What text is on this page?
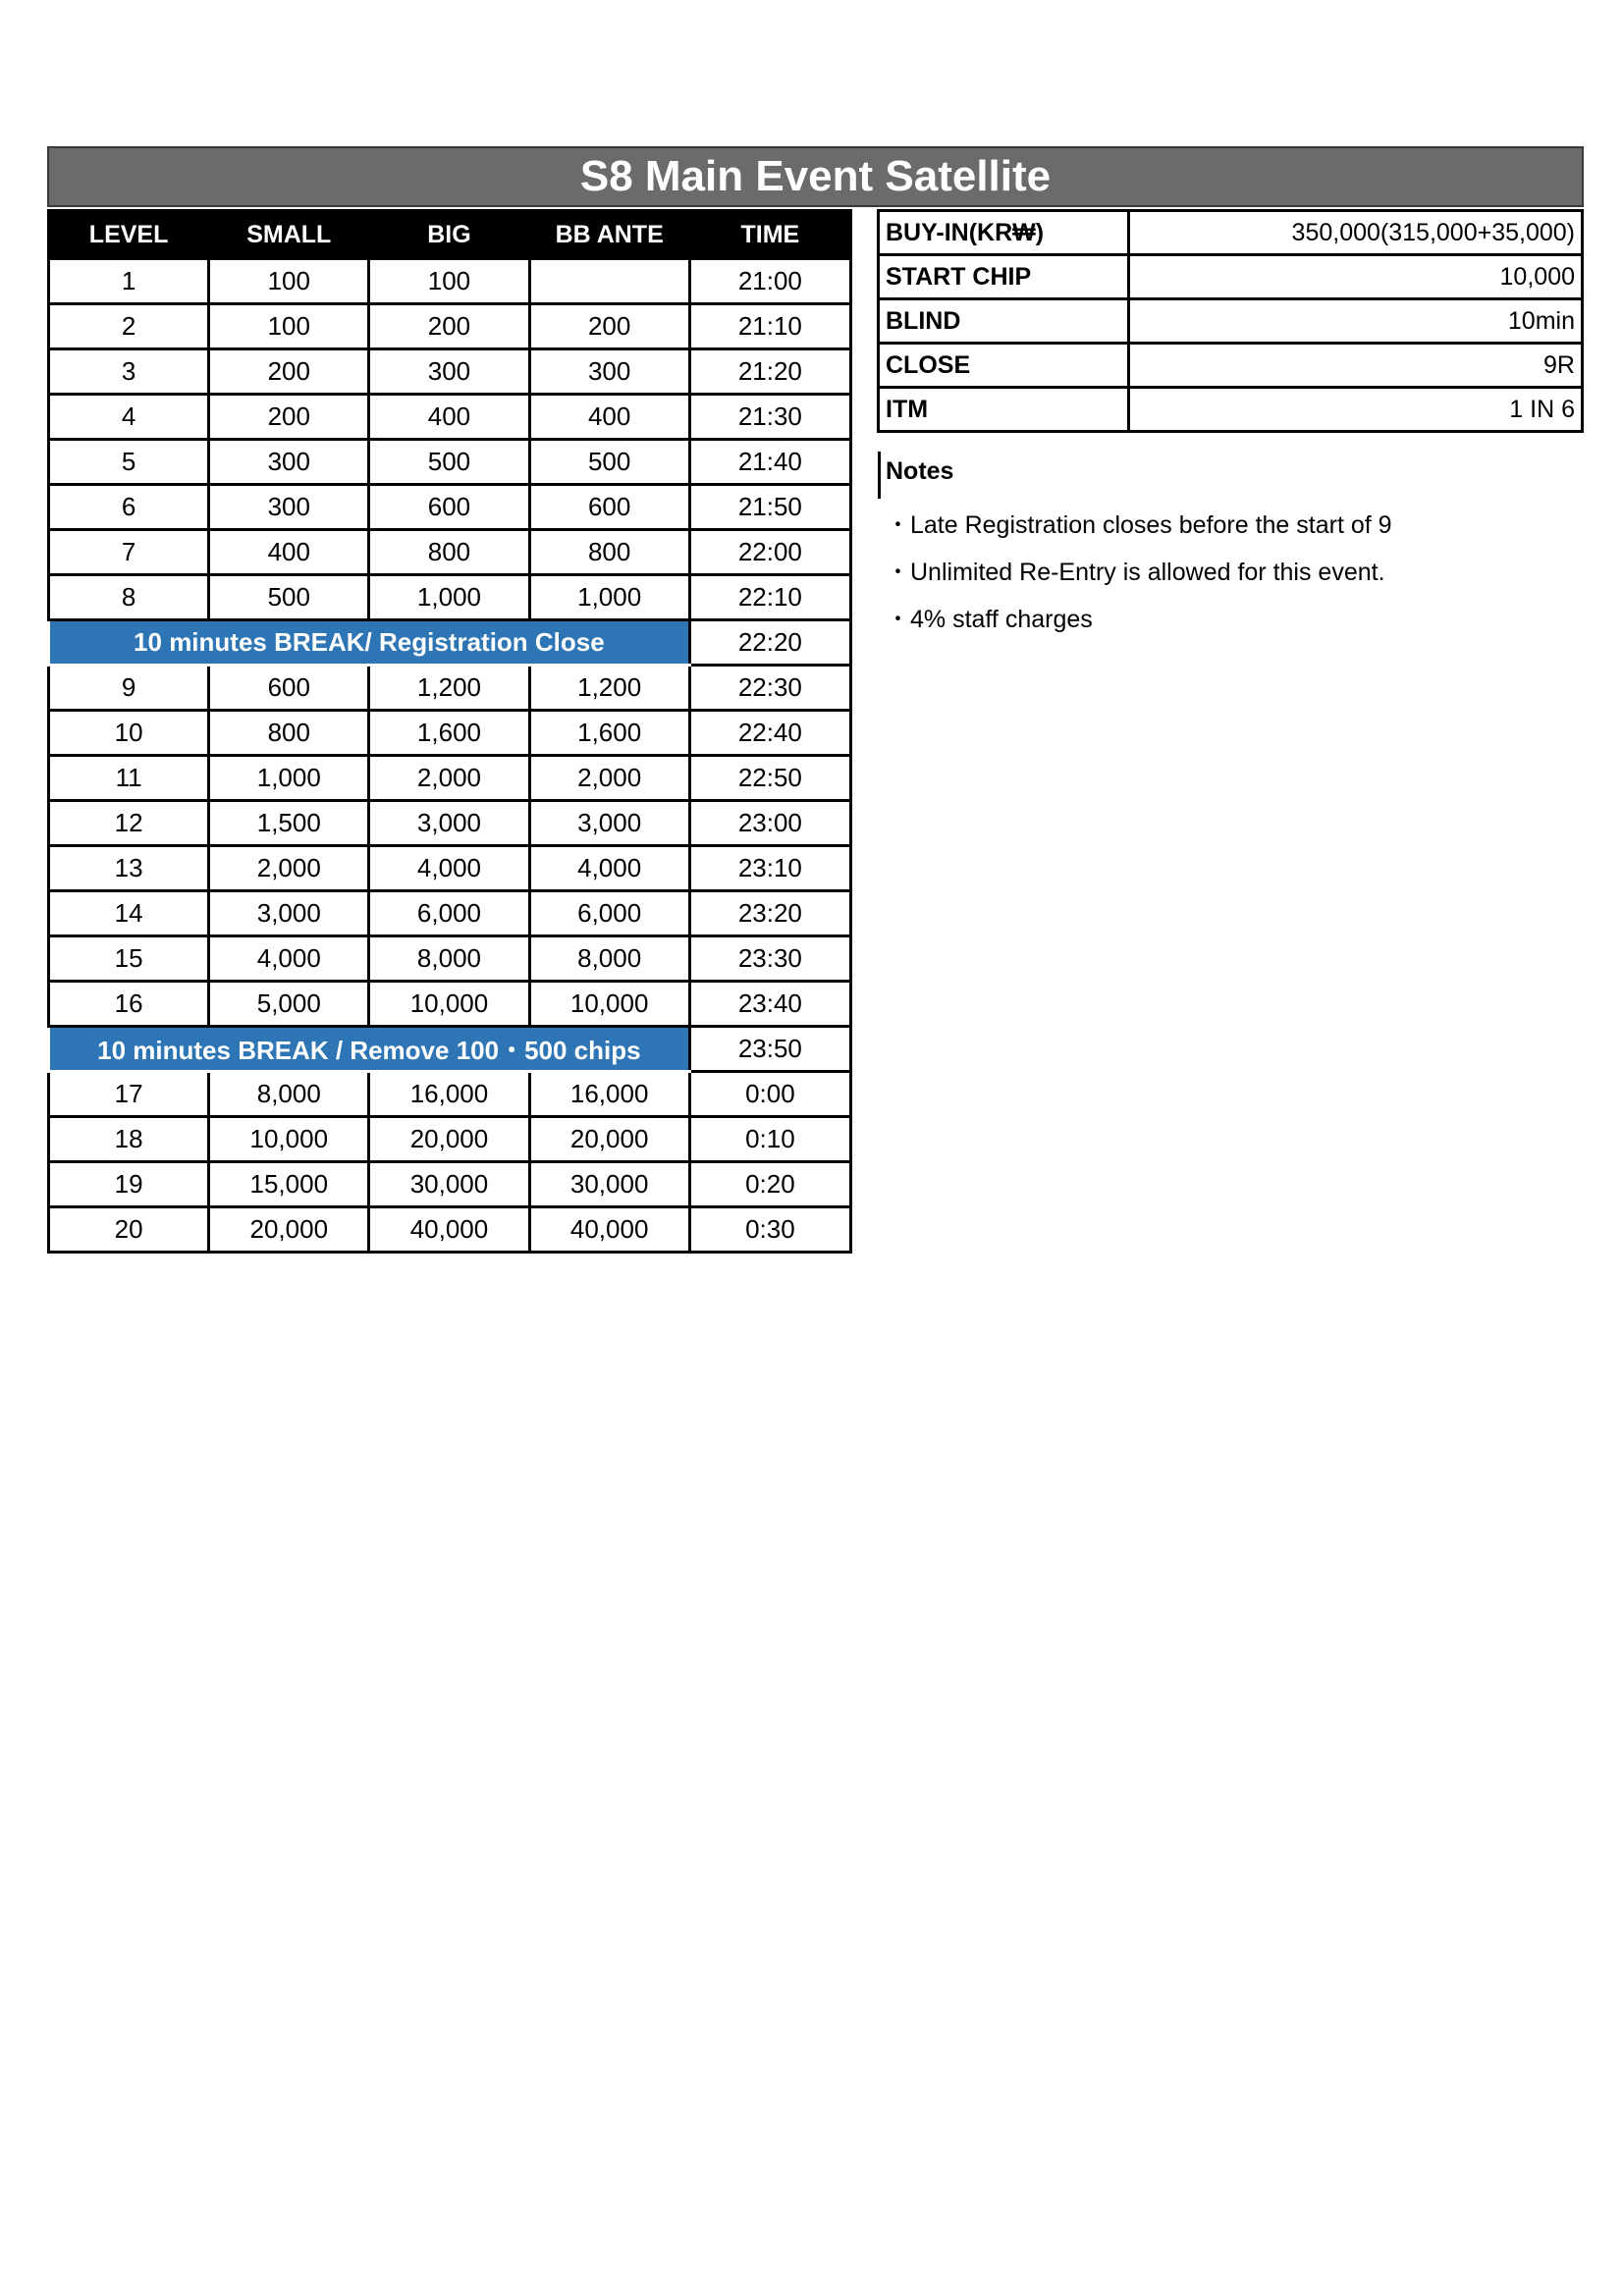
S8 Main Event Satellite
LEVEL	SMALL	BIG	BB ANTE	TIME
1	100	100		21:00
2	100	200	200	21:10
3	200	300	300	21:20
4	200	400	400	21:30
5	300	500	500	21:40
6	300	600	600	21:50
7	400	800	800	22:00
8	500	1,000	1,000	22:10
10 minutes BREAK/ Registration Close				22:20
9	600	1,200	1,200	22:30
10	800	1,600	1,600	22:40
11	1,000	2,000	2,000	22:50
12	1,500	3,000	3,000	23:00
13	2,000	4,000	4,000	23:10
14	3,000	6,000	6,000	23:20
15	4,000	8,000	8,000	23:30
16	5,000	10,000	10,000	23:40
10 minutes BREAK / Remove 100・500 chips				23:50
17	8,000	16,000	16,000	0:00
18	10,000	20,000	20,000	0:10
19	15,000	30,000	30,000	0:20
20	20,000	40,000	40,000	0:30
BUY-IN(KR₩)	350,000(315,000+35,000)
START CHIP	10,000
BLIND	10min
CLOSE	9R
ITM	1 IN 6
Notes
・Late Registration closes before the start of 9
・Unlimited Re-Entry is allowed for this event.
・4% staff charges
